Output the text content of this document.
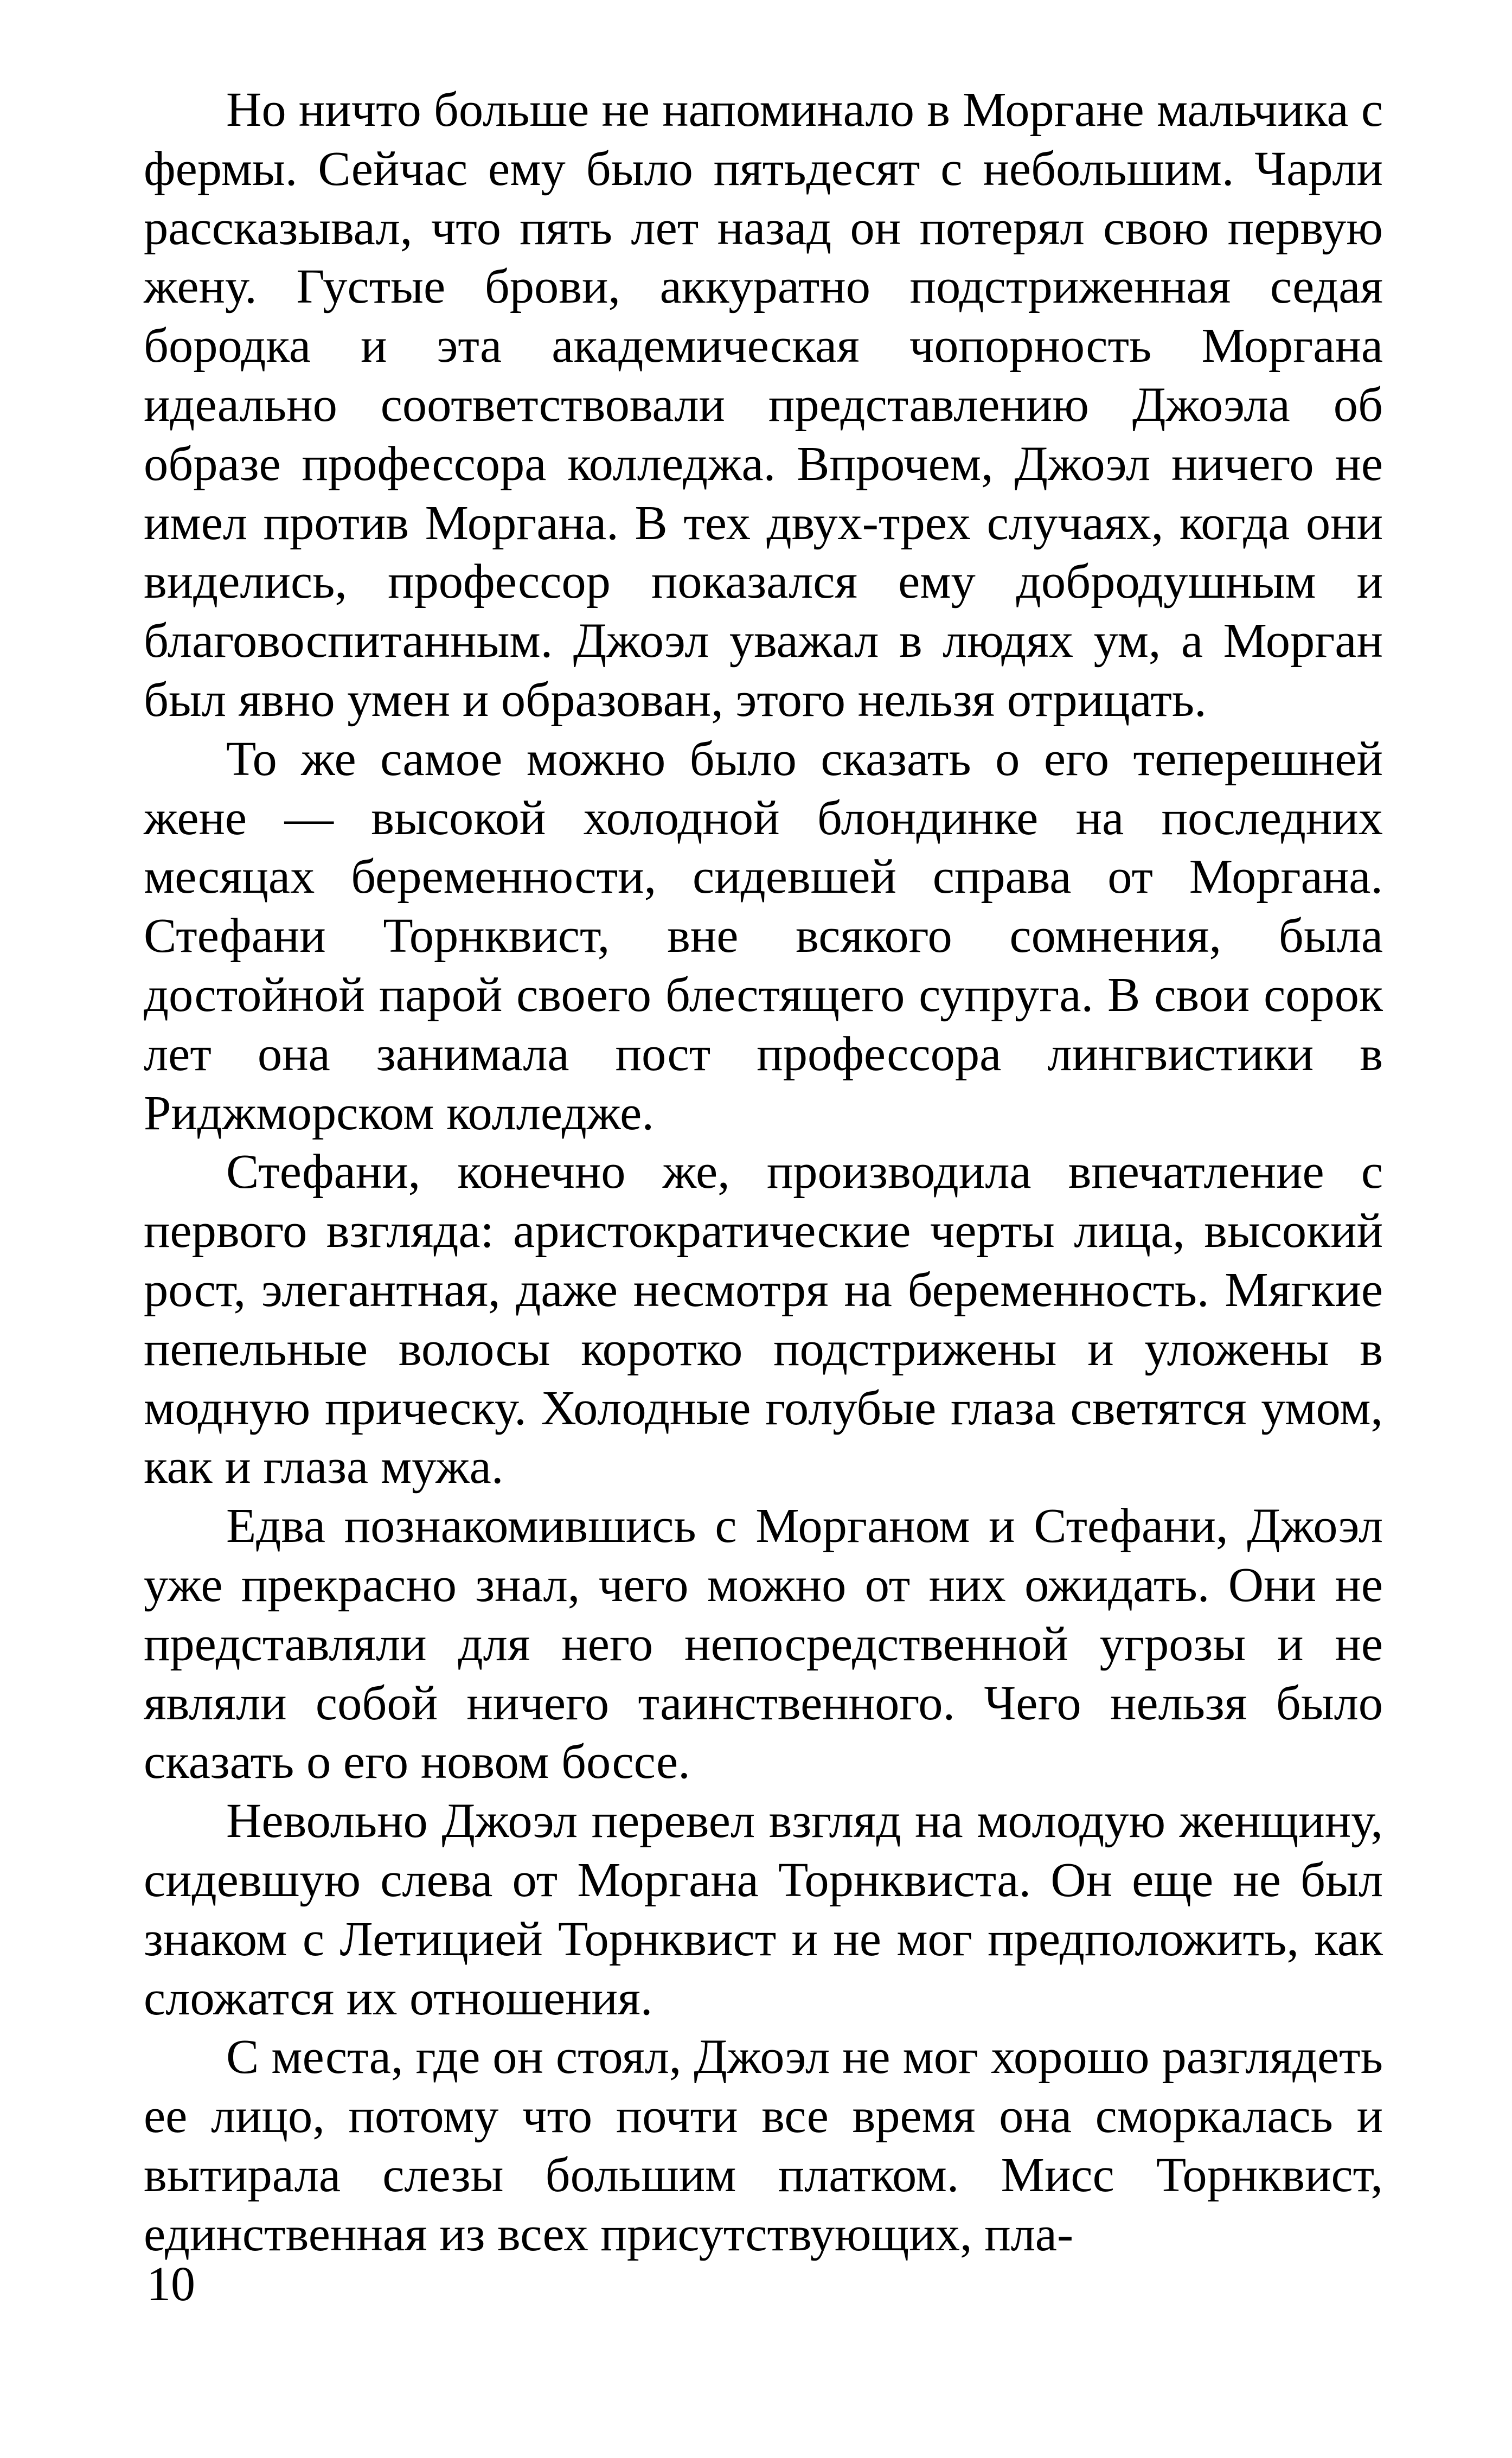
Но ничто больше не напоминало в Моргане мальчика с фермы. Сейчас ему было пятьдесят с небольшим. Чарли рассказывал, что пять лет назад он потерял свою первую жену. Густые брови, аккуратно подстриженная седая бородка и эта академическая чопорность Моргана идеально соответствовали представлению Джоэла об образе профессора колледжа. Впрочем, Джоэл ничего не имел против Моргана. В тех двух-трех случаях, когда они виделись, профессор показался ему добродушным и благовоспитанным. Джоэл уважал в людях ум, а Морган был явно умен и образован, этого нельзя отрицать.

То же самое можно было сказать о его теперешней жене — высокой холодной блондинке на последних месяцах беременности, сидевшей справа от Моргана. Стефани Торнквист, вне всякого сомнения, была достойной парой своего блестящего супруга. В свои сорок лет она занимала пост профессора лингвистики в Риджморском колледже.

Стефани, конечно же, производила впечатление с первого взгляда: аристократические черты лица, высокий рост, элегантная, даже несмотря на беременность. Мягкие пепельные волосы коротко подстрижены и уложены в модную прическу. Холодные голубые глаза светятся умом, как и глаза мужа.

Едва познакомившись с Морганом и Стефани, Джоэл уже прекрасно знал, чего можно от них ожидать. Они не представляли для него непосредственной угрозы и не являли собой ничего таинственного. Чего нельзя было сказать о его новом боссе.

Невольно Джоэл перевел взгляд на молодую женщину, сидевшую слева от Моргана Торнквиста. Он еще не был знаком с Летицией Торнквист и не мог предположить, как сложатся их отношения.

С места, где он стоял, Джоэл не мог хорошо разглядеть ее лицо, потому что почти все время она сморкалась и вытирала слезы большим платком. Мисс Торнквист, единственная из всех присутствующих, пла-

10
